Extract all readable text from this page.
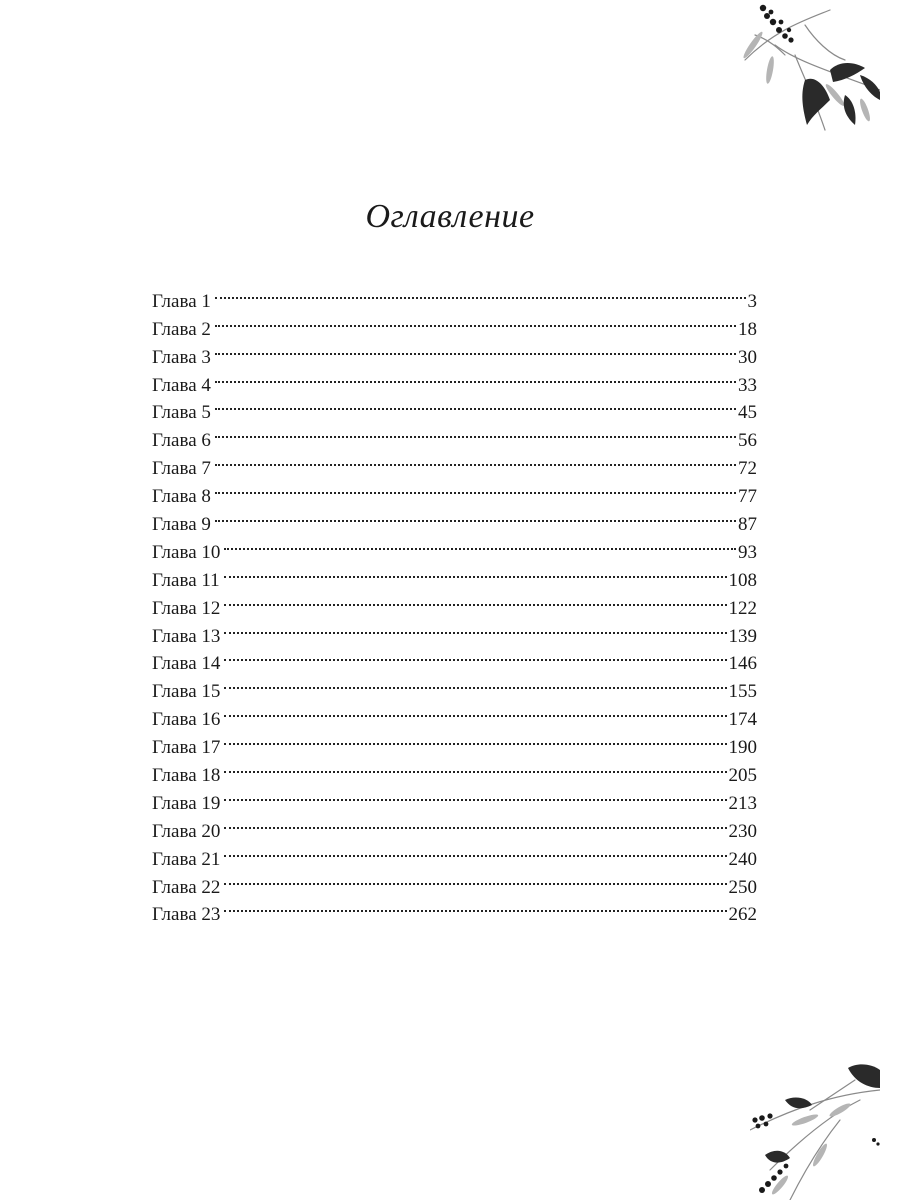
Оглавление
Глава 1	3
Глава 2	18
Глава 3	30
Глава 4	33
Глава 5	45
Глава 6	56
Глава 7	72
Глава 8	77
Глава 9	87
Глава 10	93
Глава 11	108
Глава 12	122
Глава 13	139
Глава 14	146
Глава 15	155
Глава 16	174
Глава 17	190
Глава 18	205
Глава 19	213
Глава 20	230
Глава 21	240
Глава 22	250
Глава 23	262
